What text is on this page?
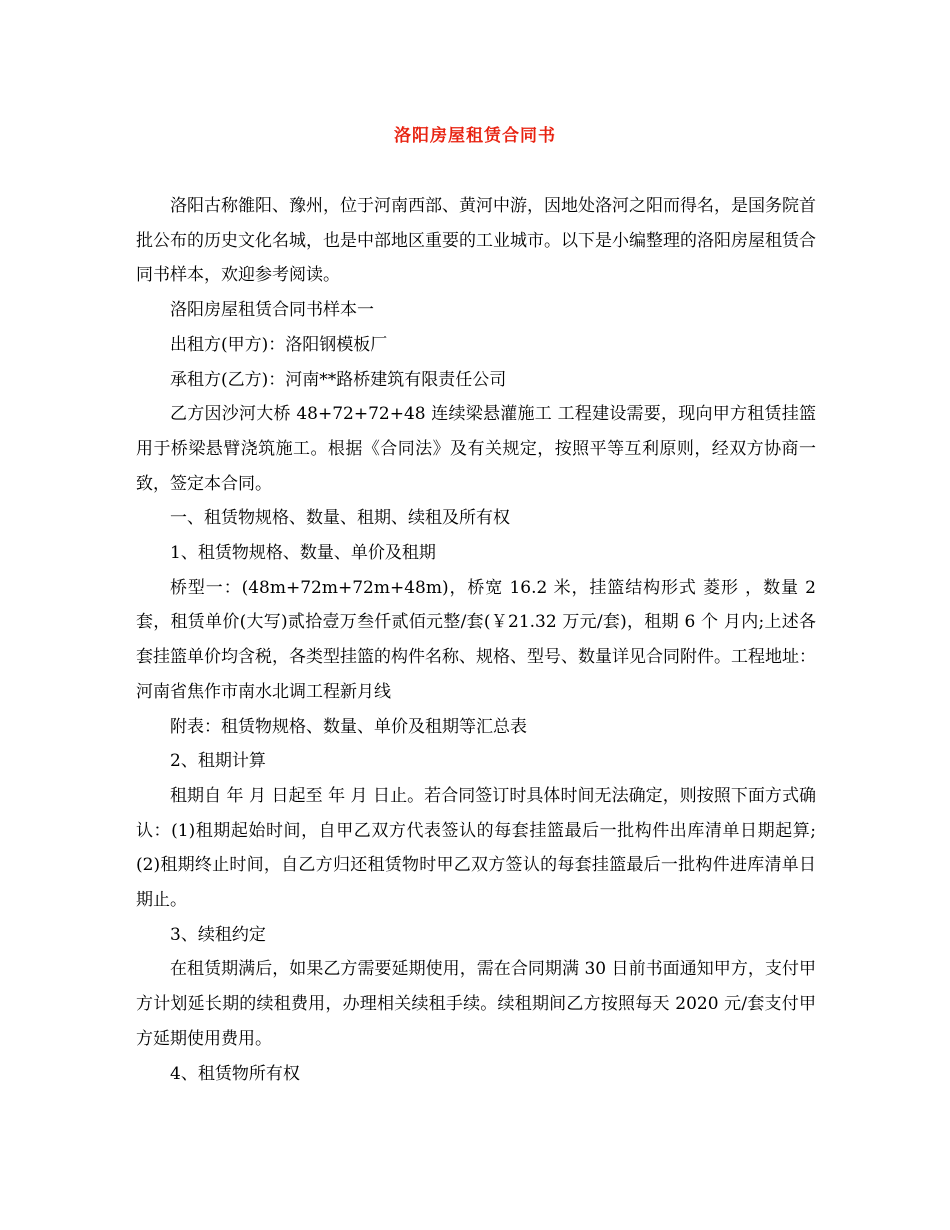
洛阳房屋租赁合同书

洛阳古称雒阳、豫州，位于河南西部、黄河中游，因地处洛河之阳而得名，是国务院首批公布的历史文化名城，也是中部地区重要的工业城市。以下是小编整理的洛阳房屋租赁合同书样本，欢迎参考阅读。

洛阳房屋租赁合同书样本一

出租方(甲方)：洛阳钢模板厂

承租方(乙方)：河南**路桥建筑有限责任公司

乙方因沙河大桥 48+72+72+48 连续梁悬灌施工 工程建设需要，现向甲方租赁挂篮用于桥梁悬臂浇筑施工。根据《合同法》及有关规定，按照平等互利原则，经双方协商一致，签定本合同。

一、租赁物规格、数量、租期、续租及所有权

1、租赁物规格、数量、单价及租期

桥型一：(48m+72m+72m+48m)，桥宽 16.2 米，挂篮结构形式 菱形 ，数量 2 套，租赁单价(大写)贰拾壹万叁仟贰佰元整/套(￥21.32 万元/套)，租期 6 个 月内;上述各套挂篮单价均含税，各类型挂篮的构件名称、规格、型号、数量详见合同附件。工程地址： 河南省焦作市南水北调工程新月线

附表：租赁物规格、数量、单价及租期等汇总表

2、租期计算

租期自 年 月 日起至 年 月 日止。若合同签订时具体时间无法确定，则按照下面方式确认：(1)租期起始时间，自甲乙双方代表签认的每套挂篮最后一批构件出库清单日期起算;(2)租期终止时间，自乙方归还租赁物时甲乙双方签认的每套挂篮最后一批构件进库清单日期止。

3、续租约定

在租赁期满后，如果乙方需要延期使用，需在合同期满 30 日前书面通知甲方，支付甲方计划延长期的续租费用，办理相关续租手续。续租期间乙方按照每天 2020 元/套支付甲方延期使用费用。

4、租赁物所有权
